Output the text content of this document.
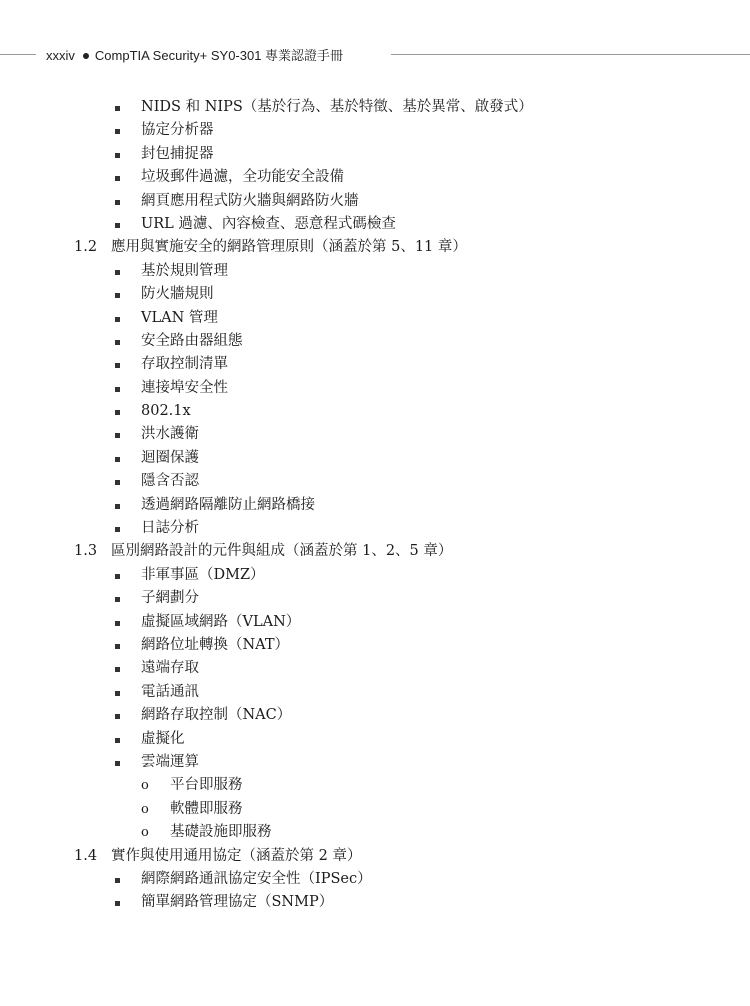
xxxiv CompTIA Security+ SY0-301 專業認證手冊
NIDS 和 NIPS（基於行為、基於特徵、基於異常、啟發式）
協定分析器
封包捕捉器
垃圾郵件過濾，全功能安全設備
網頁應用程式防火牆與網路防火牆
URL 過濾、內容檢查、惡意程式碼檢查
1.2 應用與實施安全的網路管理原則（涵蓋於第 5、11 章）
基於規則管理
防火牆規則
VLAN 管理
安全路由器組態
存取控制清單
連接埠安全性
802.1x
洪水護衛
迴圈保護
隱含否認
透過網路隔離防止網路橋接
日誌分析
1.3 區別網路設計的元件與組成（涵蓋於第 1、2、5 章）
非軍事區（DMZ）
子網劃分
虛擬區域網路（VLAN）
網路位址轉換（NAT）
遠端存取
電話通訊
網路存取控制（NAC）
虛擬化
雲端運算
o 平台即服務
o 軟體即服務
o 基礎設施即服務
1.4 實作與使用通用協定（涵蓋於第 2 章）
網際網路通訊協定安全性（IPSec）
簡單網路管理協定（SNMP）
